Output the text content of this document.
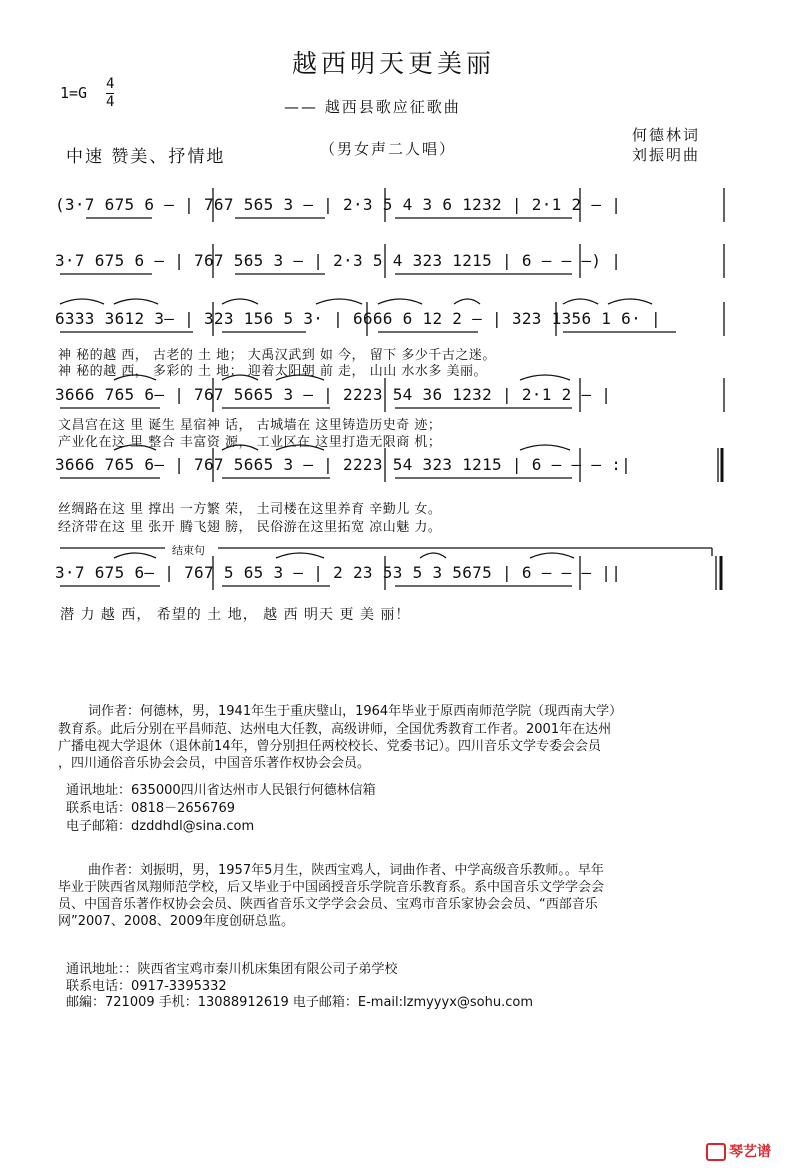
越西明天更美丽
1=G 4
4	—— 越西县歌应征歌曲
中速 赞美、抒情地	（男女声二人唱）
何德林词
刘振明曲
(3·7 675 6 — | 767 565 3 — | 2·3 5 4 3 6 1232 | 2·1 2 — |
3·7 675 6 — | 767 565 3 — | 2·3 5 4 323 1215 | 6 — — —) |
6333 3612 3— | 323 156 5 3· | 6666 6 12 2 — | 323 1356 1 6· |
神 秘的越 西， 古老的 土 地； 大禹汉武到 如 今， 留下 多少千古之迷。
神 秘的越 西， 多彩的 土 地； 迎着太阳朝 前 走， 山山 水水多 美丽。
3666 765 6— | 767 5665 3 — | 2223 54 36 1232 | 2·1 2 — |
文昌宫在这 里 诞生 星宿神 话， 古城墙在 这里铸造历史奇 迹；
产业化在这 里 整合 丰富资 源， 工业区在 这里打造无限商 机；
3666 765 6— | 767 5665 3 — | 2223 54 323 1215 | 6 — — — :|
丝绸路在这 里 撑出 一方繁 荣， 土司楼在这里养育 辛勤儿 女。
经济带在这 里 张开 腾飞翅 膀， 民俗游在这里拓宽 凉山魅 力。
结束句
3·7 675 6— | 767 5 65 3 — | 2 23 53 5 3 5675 | 6 — — — ||
潜 力 越 西， 希望的 土 地， 越 西 明天 更 美 丽！
词作者：何德林，男，1941年生于重庆璧山，1964年毕业于原西南师范学院（现西南大学）
教育系。此后分别在平昌师范、达州电大任教，高级讲师，全国优秀教育工作者。2001年在达州
广播电视大学退休（退休前14年，曾分别担任两校校长、党委书记）。四川音乐文学专委会会员
，四川通俗音乐协会会员，中国音乐著作权协会会员。
通讯地址：635000四川省达州市人民银行何德林信箱
联系电话：0818－2656769
电子邮箱：dzddhdl@sina.com
曲作者：刘振明，男，1957年5月生，陕西宝鸡人，词曲作者、中学高级音乐教师。。早年
毕业于陕西省凤翔师范学校，后又毕业于中国函授音乐学院音乐教育系。系中国音乐文学学会会
员、中国音乐著作权协会会员、陕西省音乐文学学会会员、宝鸡市音乐家协会会员、“西部音乐
网”2007、2008、2009年度创研总监。
通讯地址：：陕西省宝鸡市秦川机床集团有限公司子弟学校
联系电话：0917-3395332
邮編：721009 手机：13088912619 电子邮箱：E-mail:lzmyyyx@sohu.com
琴艺谱
